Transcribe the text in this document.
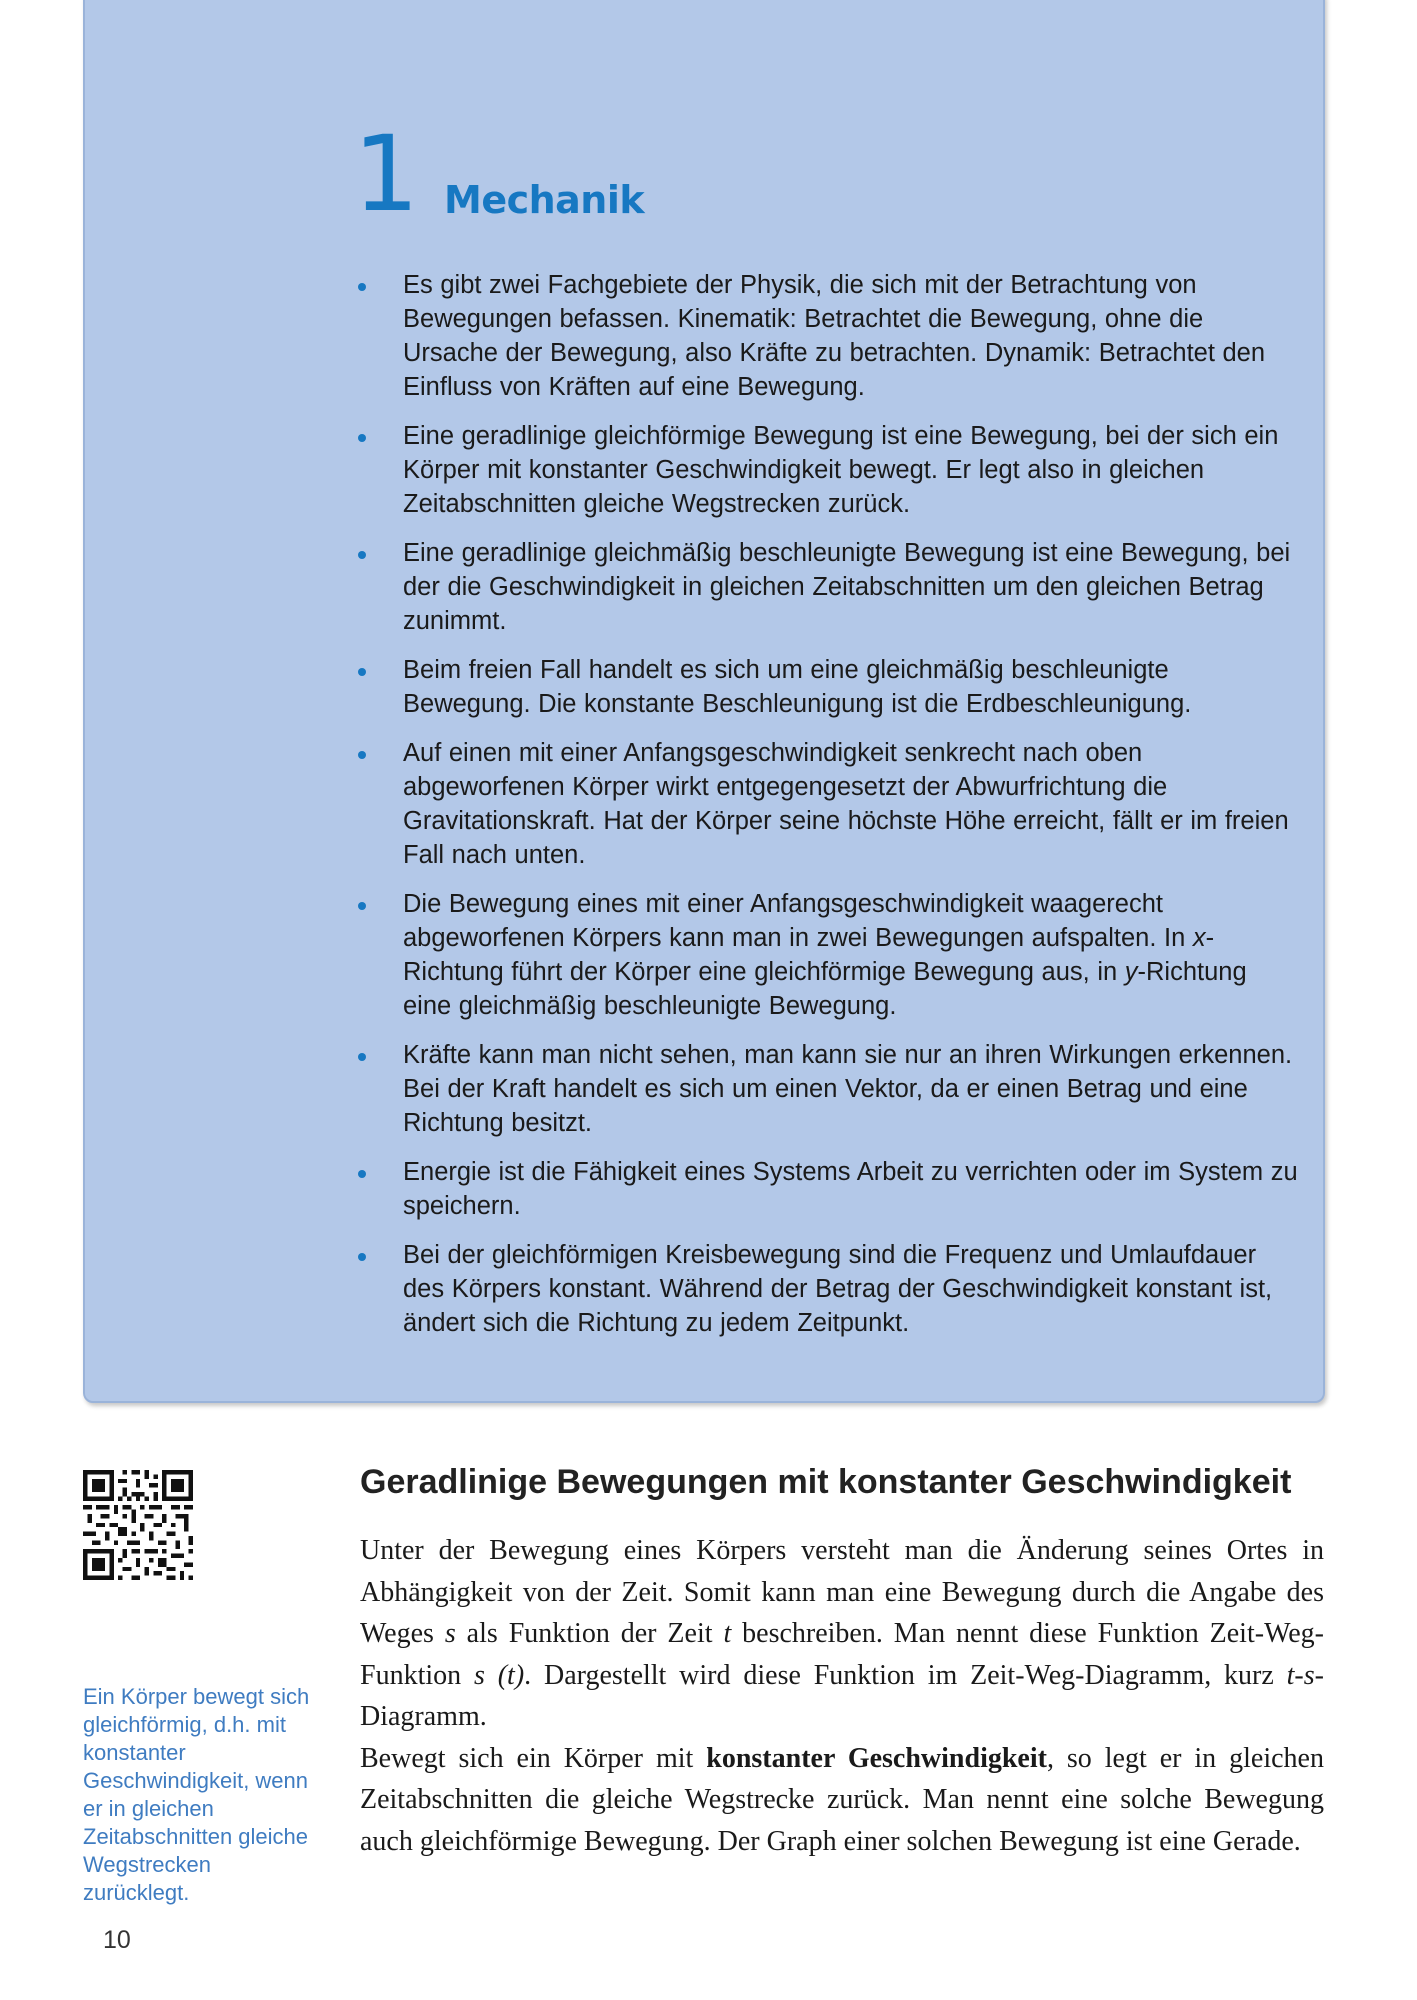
1 Mechanik
Es gibt zwei Fachgebiete der Physik, die sich mit der Betrachtung von Bewegungen befassen. Kinematik: Betrachtet die Bewegung, ohne die Ursache der Bewegung, also Kräfte zu betrachten. Dynamik: Betrachtet den Einfluss von Kräften auf eine Bewegung.
Eine geradlinige gleichförmige Bewegung ist eine Bewegung, bei der sich ein Körper mit konstanter Geschwindigkeit bewegt. Er legt also in gleichen Zeitabschnitten gleiche Wegstrecken zurück.
Eine geradlinige gleichmäßig beschleunigte Bewegung ist eine Bewegung, bei der die Geschwindigkeit in gleichen Zeitabschnitten um den gleichen Betrag zunimmt.
Beim freien Fall handelt es sich um eine gleichmäßig beschleunigte Bewegung. Die konstante Beschleunigung ist die Erdbeschleunigung.
Auf einen mit einer Anfangsgeschwindigkeit senkrecht nach oben abgeworfenen Körper wirkt entgegengesetzt der Abwurfrichtung die Gravitationskraft. Hat der Körper seine höchste Höhe erreicht, fällt er im freien Fall nach unten.
Die Bewegung eines mit einer Anfangsgeschwindigkeit waagerecht abgeworfenen Körpers kann man in zwei Bewegungen aufspalten. In x-Richtung führt der Körper eine gleichförmige Bewegung aus, in y-Richtung eine gleichmäßig beschleunigte Bewegung.
Kräfte kann man nicht sehen, man kann sie nur an ihren Wirkungen erkennen. Bei der Kraft handelt es sich um einen Vektor, da er einen Betrag und eine Richtung besitzt.
Energie ist die Fähigkeit eines Systems Arbeit zu verrichten oder im System zu speichern.
Bei der gleichförmigen Kreisbewegung sind die Frequenz und Umlaufdauer des Körpers konstant. Während der Betrag der Geschwindigkeit konstant ist, ändert sich die Richtung zu jedem Zeitpunkt.
Ein Körper bewegt sich gleichförmig, d.h. mit konstanter Geschwindigkeit, wenn er in gleichen Zeitabschnitten gleiche Wegstrecken zurücklegt.
10
Geradlinige Bewegungen mit konstanter Geschwindigkeit

Unter der Bewegung eines Körpers versteht man die Änderung seines Ortes in Abhängigkeit von der Zeit. Somit kann man eine Bewegung durch die Angabe des Weges s als Funktion der Zeit t beschreiben. Man nennt diese Funktion Zeit-Weg-Funktion s (t). Dargestellt wird diese Funktion im Zeit-Weg-Diagramm, kurz t-s-Diagramm.

Bewegt sich ein Körper mit konstanter Geschwindigkeit, so legt er in gleichen Zeitabschnitten die gleiche Wegstrecke zurück. Man nennt eine solche Bewegung auch gleichförmige Bewegung. Der Graph einer solchen Bewegung ist eine Gerade.
